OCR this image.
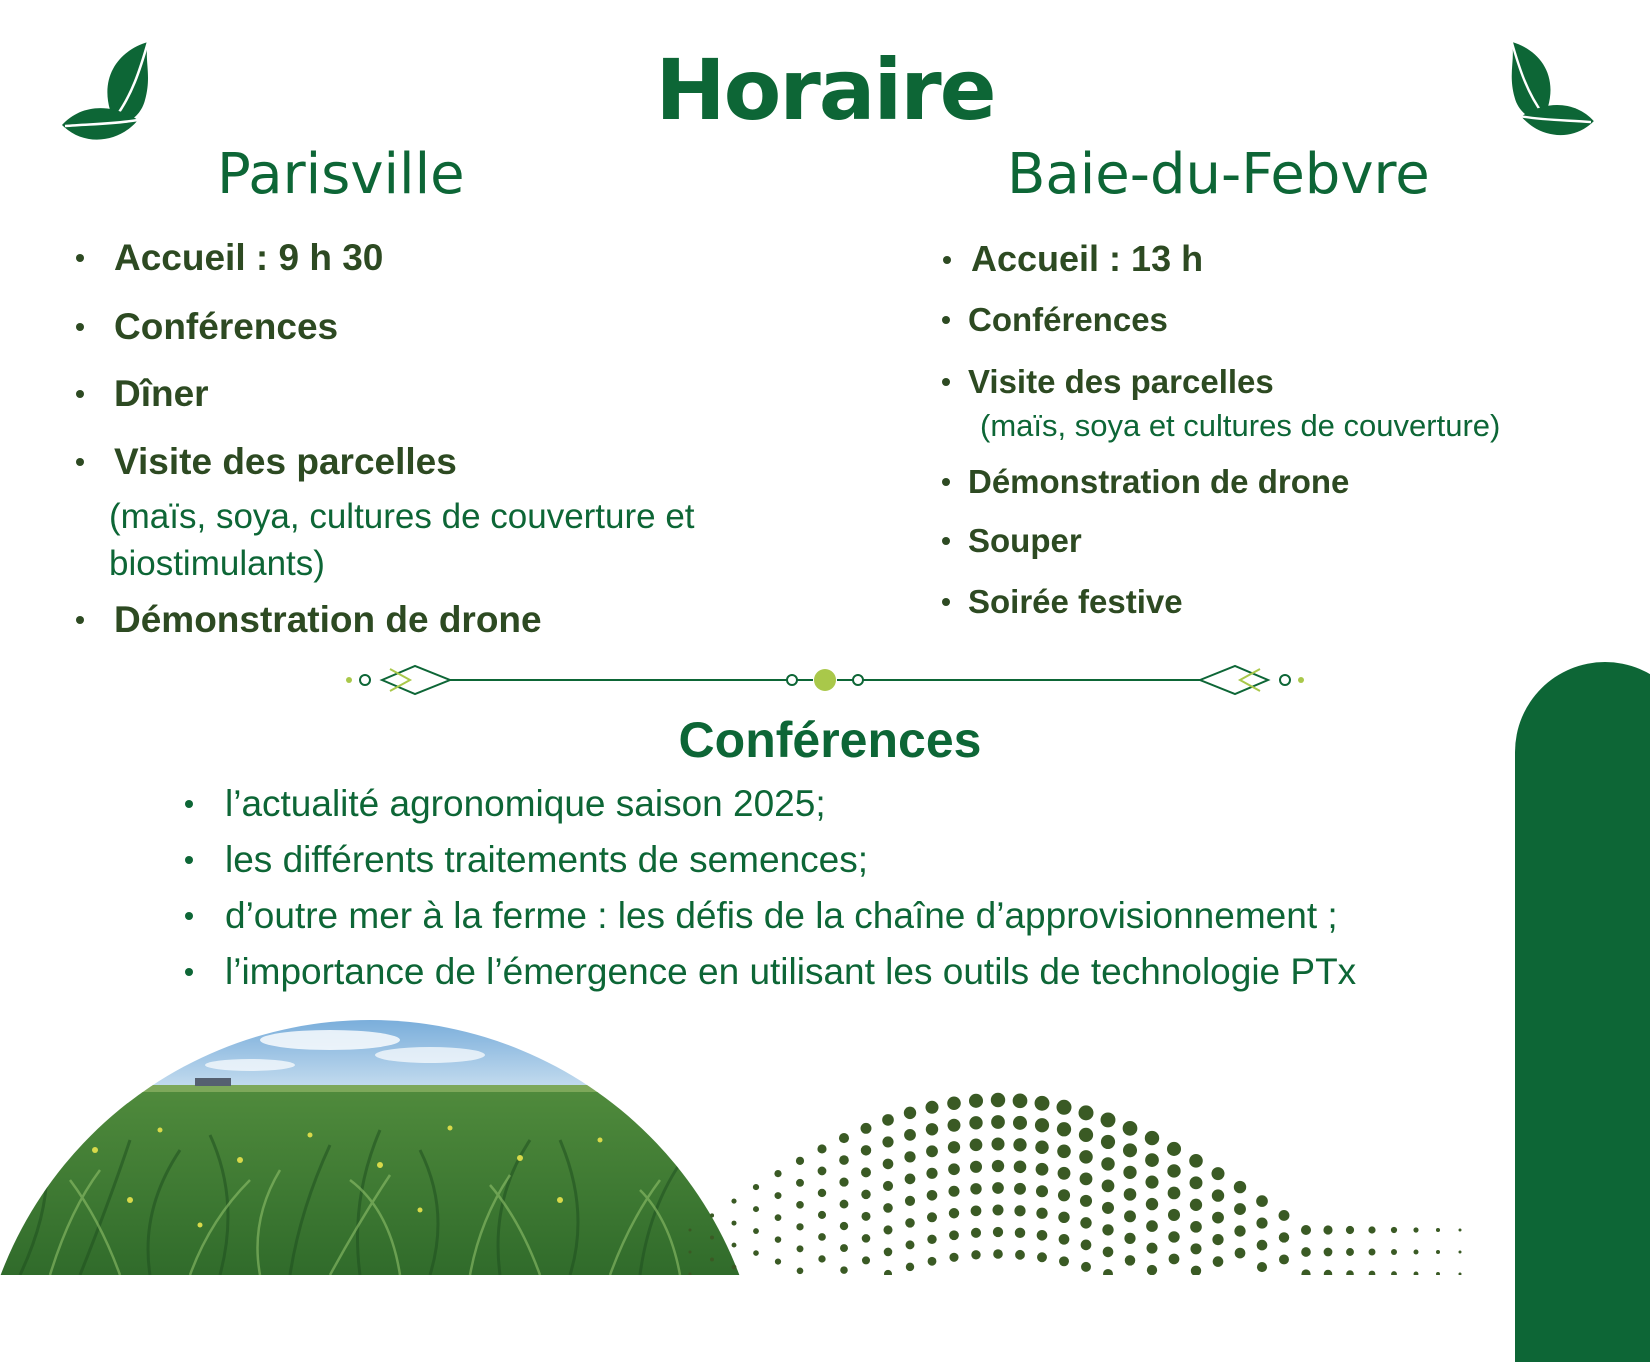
Horaire
Parisville
Accueil : 9 h 30
Conférences
Dîner
Visite des parcelles
Démonstration de drone
(maïs, soya, cultures de couverture et
biostimulants)
Baie-du-Febvre
Accueil : 13 h
Conférences
Visite des parcelles
Démonstration de drone
Souper
Soirée festive
(maïs, soya et cultures de couverture)
Conférences
l’actualité agronomique saison 2025;
les différents traitements de semences;
d’outre mer à la ferme : les défis de la chaîne d’approvisionnement ;
l’importance de l’émergence en utilisant les outils de technologie PTx
